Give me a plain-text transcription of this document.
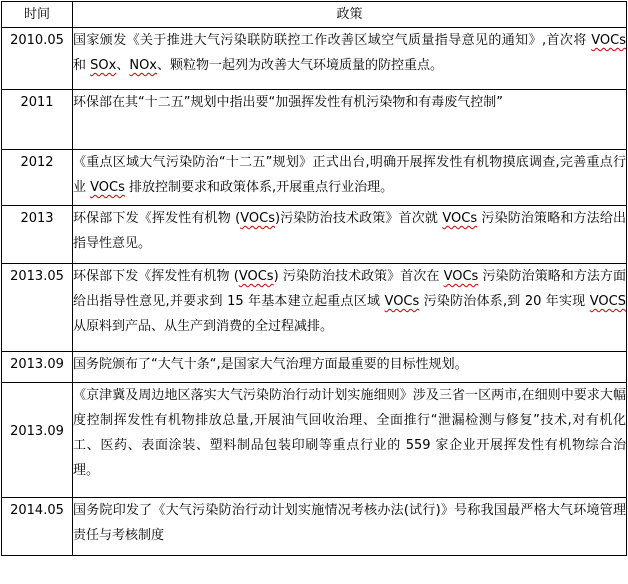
时间	政策
2010.05	国家颁发《关于推进大气污染联防联控工作改善区域空气质量指导意见的通知》,首次将 VOCs 和 SOx、NOx、颗粒物一起列为改善大气环境质量的防控重点。
2011	环保部在其“十二五”规划中指出要“加强挥发性有机污染物和有毒废气控制”
2012	《重点区域大气污染防治“十二五”规划》正式出台,明确开展挥发性有机物摸底调查,完善重点行业 VOCs 排放控制要求和政策体系,开展重点行业治理。
2013	环保部下发《挥发性有机物 (VOCs)污染防治技术政策》首次就 VOCs 污染防治策略和方法给出指导性意见。
2013.05	环保部下发《挥发性有机物 (VOCs) 污染防治技术政策》首次在 VOCs 污染防治策略和方法方面给出指导性意见,并要求到 15 年基本建立起重点区域 VOCs 污染防治体系,到 20 年实现 VOCS 从原料到产品、从生产到消费的全过程减排。
2013.09	国务院颁布了“大气十条“,是国家大气治理方面最重要的目标性规划。
2013.09	《京津冀及周边地区落实大气污染防治行动计划实施细则》涉及三省一区两市,在细则中要求大幅度控制挥发性有机物排放总量,开展油气回收治理、全面推行“泄漏检测与修复”技术,对有机化工、医药、表面涂装、塑料制品包装印刷等重点行业的 559 家企业开展挥发性有机物综合治理。
2014.05	国务院印发了《大气污染防治行动计划实施情况考核办法(试行)》号称我国最严格大气环境管理责任与考核制度
